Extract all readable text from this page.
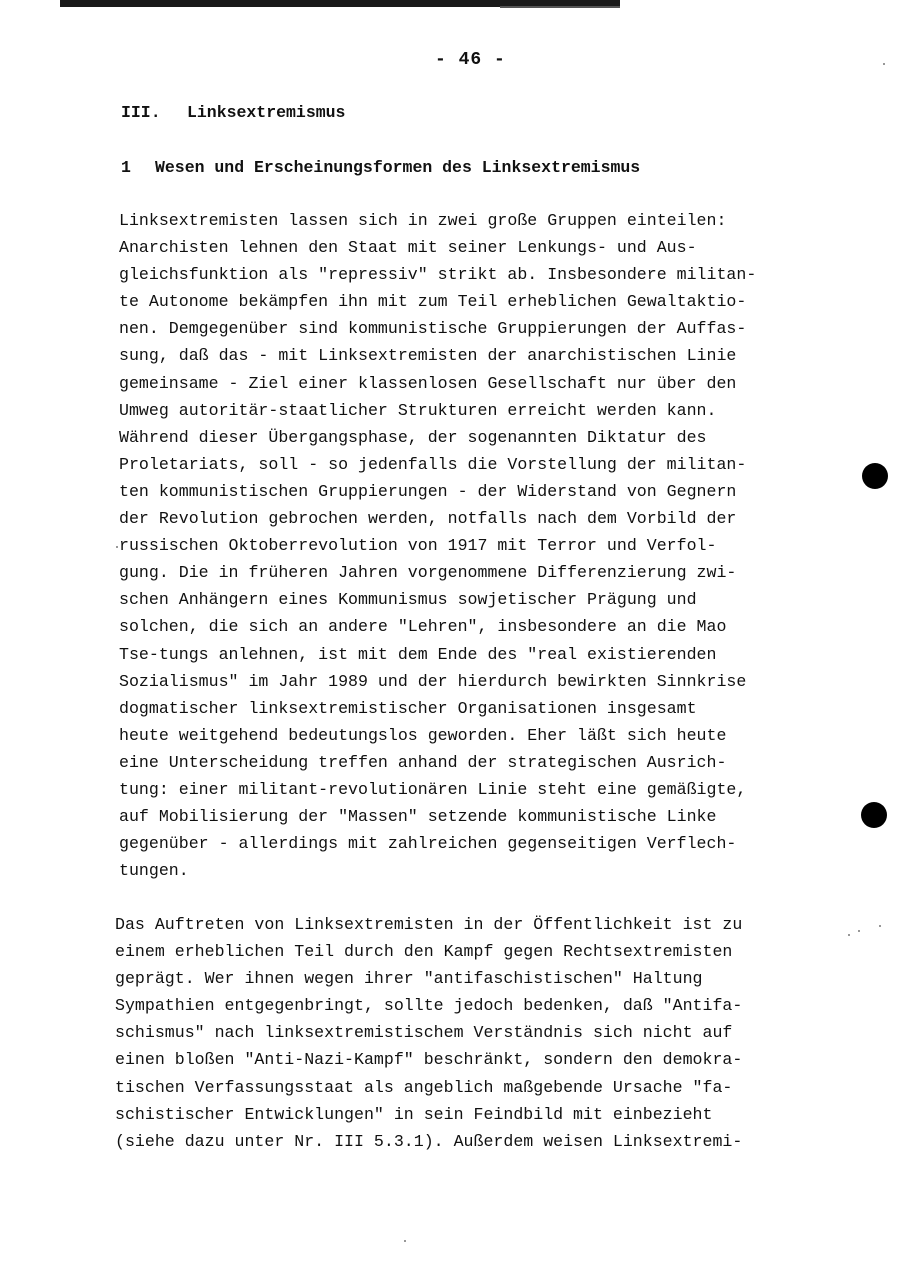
- 46 -
III. Linksextremismus
1 Wesen und Erscheinungsformen des Linksextremismus
Linksextremisten lassen sich in zwei große Gruppen einteilen:
Anarchisten lehnen den Staat mit seiner Lenkungs- und Aus-
gleichsfunktion als "repressiv" strikt ab. Insbesondere militan-
te Autonome bekämpfen ihn mit zum Teil erheblichen Gewaltaktio-
nen. Demgegenüber sind kommunistische Gruppierungen der Auffas-
sung, daß das - mit Linksextremisten der anarchistischen Linie
gemeinsame - Ziel einer klassenlosen Gesellschaft nur über den
Umweg autoritär-staatlicher Strukturen erreicht werden kann.
Während dieser Übergangsphase, der sogenannten Diktatur des
Proletariats, soll - so jedenfalls die Vorstellung der militan-
ten kommunistischen Gruppierungen - der Widerstand von Gegnern
der Revolution gebrochen werden, notfalls nach dem Vorbild der
russischen Oktoberrevolution von 1917 mit Terror und Verfol-
gung. Die in früheren Jahren vorgenommene Differenzierung zwi-
schen Anhängern eines Kommunismus sowjetischer Prägung und
solchen, die sich an andere "Lehren", insbesondere an die Mao
Tse-tungs anlehnen, ist mit dem Ende des "real existierenden
Sozialismus" im Jahr 1989 und der hierdurch bewirkten Sinnkrise
dogmatischer linksextremistischer Organisationen insgesamt
heute weitgehend bedeutungslos geworden. Eher läßt sich heute
eine Unterscheidung treffen anhand der strategischen Ausrich-
tung: einer militant-revolutionären Linie steht eine gemäßigte,
auf Mobilisierung der "Massen" setzende kommunistische Linke
gegenüber - allerdings mit zahlreichen gegenseitigen Verflech-
tungen.
Das Auftreten von Linksextremisten in der Öffentlichkeit ist zu
einem erheblichen Teil durch den Kampf gegen Rechtsextremisten
geprägt. Wer ihnen wegen ihrer "antifaschistischen" Haltung
Sympathien entgegenbringt, sollte jedoch bedenken, daß "Antifa-
schismus" nach linksextremistischem Verständnis sich nicht auf
einen bloßen "Anti-Nazi-Kampf" beschränkt, sondern den demokra-
tischen Verfassungsstaat als angeblich maßgebende Ursache "fa-
schistischer Entwicklungen" in sein Feindbild mit einbezieht
(siehe dazu unter Nr. III 5.3.1). Außerdem weisen Linksextremi-
